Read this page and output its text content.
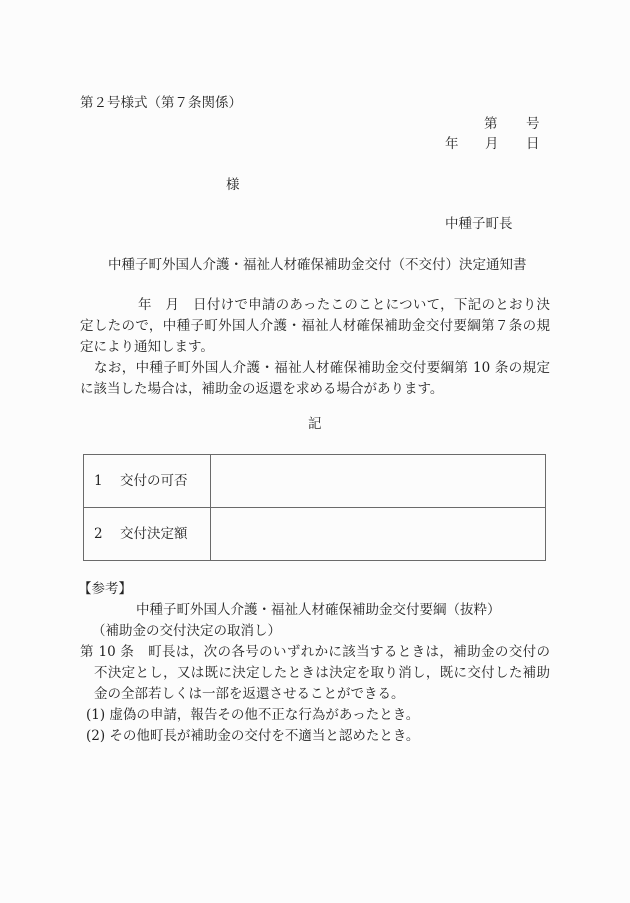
第２号様式（第７条関係）
第 号
年 月 日
様
中種子町長
中種子町外国人介護・福祉人材確保補助金交付（不交付）決定通知書

年　月　日付けで申請のあったこのことについて，下記のとおり決定したので，中種子町外国人介護・福祉人材確保補助金交付要綱第７条の規定により通知します。

なお，中種子町外国人介護・福祉人材確保補助金交付要綱第 10 条の規定に該当した場合は，補助金の返還を求める場合があります。

記
1 交付の可否	
2 交付決定額	
【参考】
中種子町外国人介護・福祉人材確保補助金交付要綱（抜粋）
（補助金の交付決定の取消し）

第 10 条　町長は，次の各号のいずれかに該当するときは，補助金の交付の不決定とし，又は既に決定したときは決定を取り消し，既に交付した補助金の全部若しくは一部を返還させることができる。

(1) 虚偽の申請，報告その他不正な行為があったとき。

(2) その他町長が補助金の交付を不適当と認めたとき。
